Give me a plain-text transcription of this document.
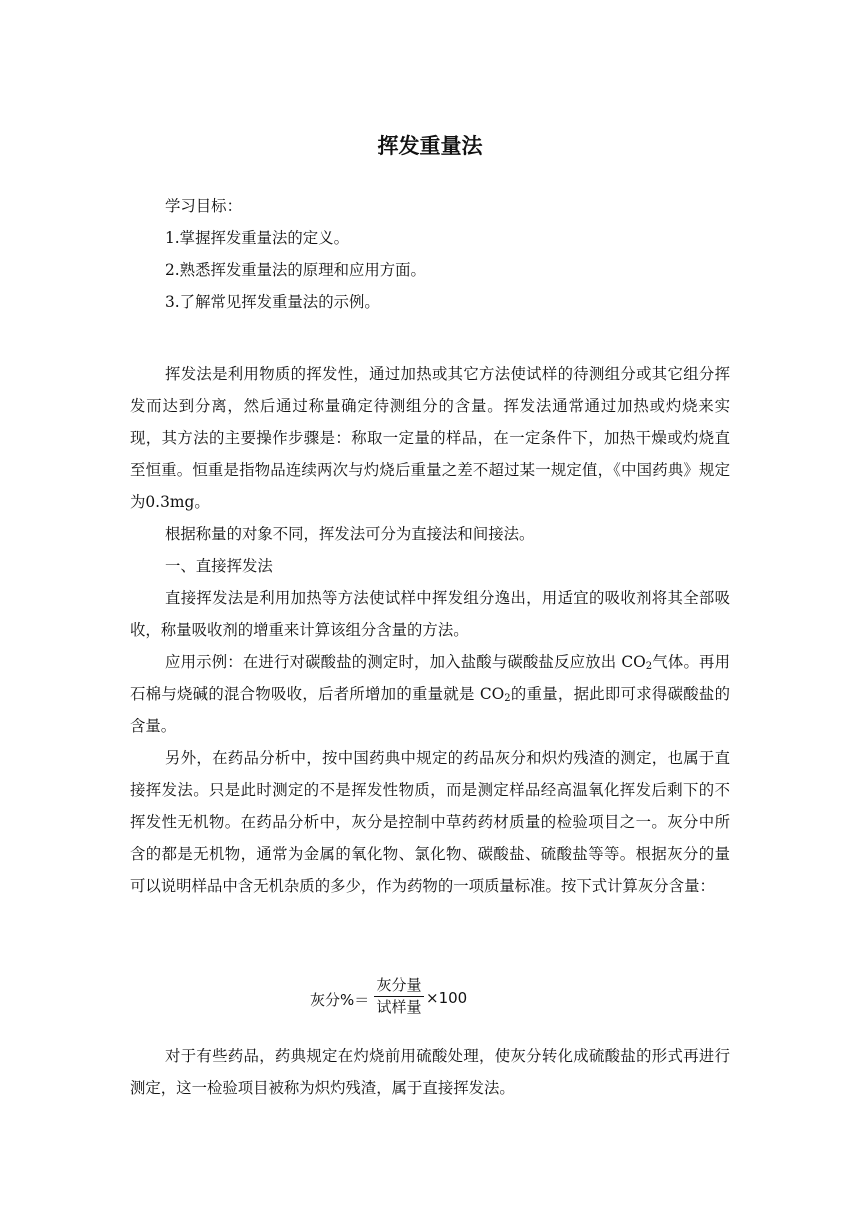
挥发重量法

学习目标：

1.掌握挥发重量法的定义。

2.熟悉挥发重量法的原理和应用方面。

3.了解常见挥发重量法的示例。

挥发法是利用物质的挥发性，通过加热或其它方法使试样的待测组分或其它组分挥发而达到分离，然后通过称量确定待测组分的含量。挥发法通常通过加热或灼烧来实现，其方法的主要操作步骤是：称取一定量的样品，在一定条件下，加热干燥或灼烧直至恒重。恒重是指物品连续两次与灼烧后重量之差不超过某一规定值，《中国药典》规定为0.3mg。

根据称量的对象不同，挥发法可分为直接法和间接法。

一、直接挥发法

直接挥发法是利用加热等方法使试样中挥发组分逸出，用适宜的吸收剂将其全部吸收，称量吸收剂的增重来计算该组分含量的方法。

应用示例：在进行对碳酸盐的测定时，加入盐酸与碳酸盐反应放出 $CO_2$气体。再用石棉与烧碱的混合物吸收，后者所增加的重量就是 $CO_2$的重量，据此即可求得碳酸盐的含量。

另外，在药品分析中，按中国药典中规定的药品灰分和炽灼残渣的测定，也属于直接挥发法。只是此时测定的不是挥发性物质，而是测定样品经高温氧化挥发后剩下的不挥发性无机物。在药品分析中，灰分是控制中草药药材质量的检验项目之一。灰分中所含的都是无机物，通常为金属的氧化物、氯化物、碳酸盐、硫酸盐等等。根据灰分的量可以说明样品中含无机杂质的多少，作为药物的一项质量标准。按下式计算灰分含量：

灰分%＝
灰分量
试样量 ×100

对于有些药品，药典规定在灼烧前用硫酸处理，使灰分转化成硫酸盐的形式再进行测定，这一检验项目被称为炽灼残渣，属于直接挥发法。
